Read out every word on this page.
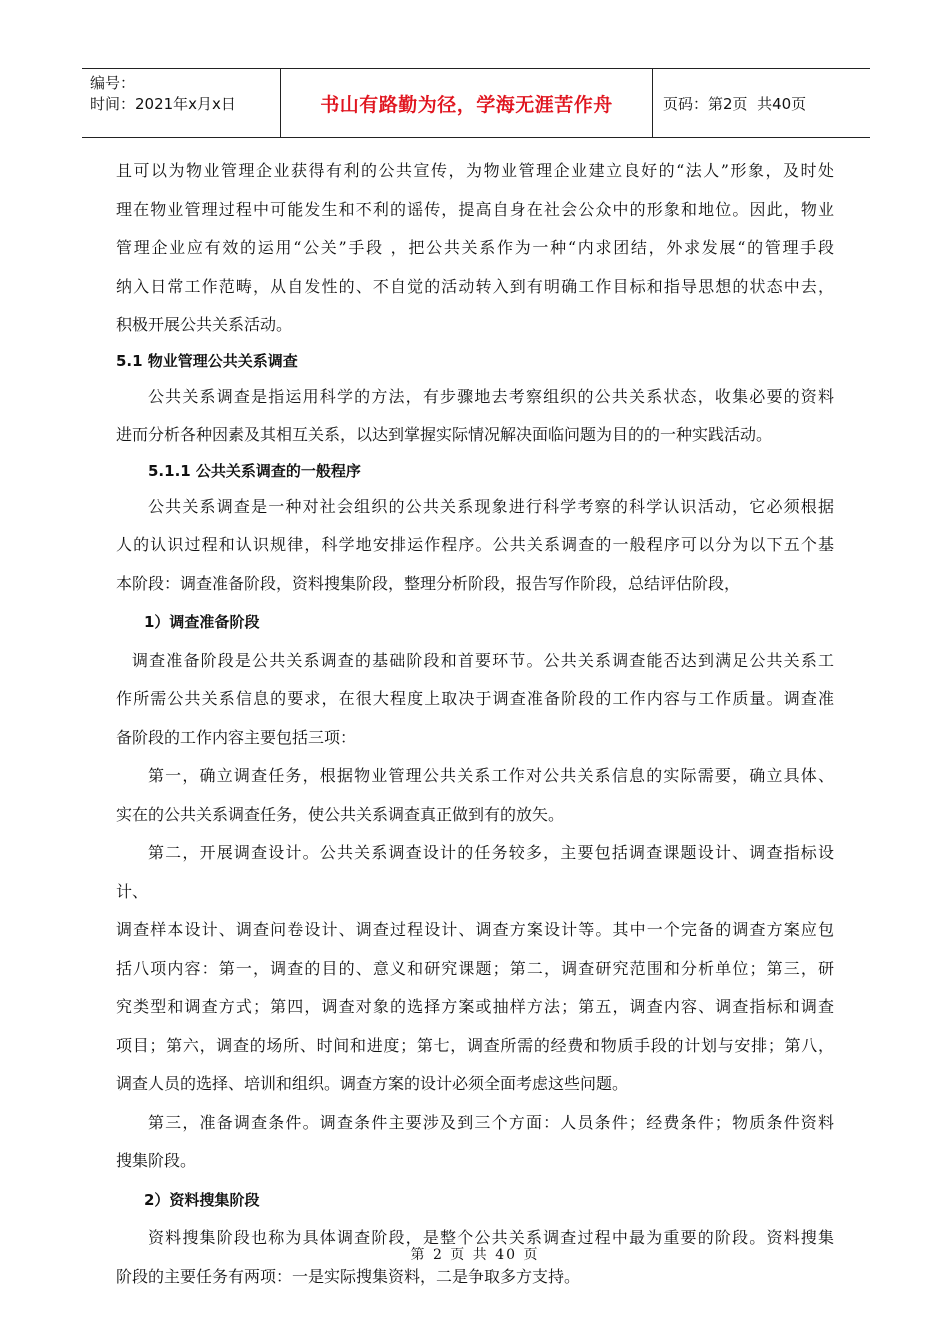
编号：
时间：2021年x月x日	书山有路勤为径，学海无涯苦作舟	页码：第2页  共40页
且可以为物业管理企业获得有利的公共宣传，为物业管理企业建立良好的“法人”形象，及时处
理在物业管理过程中可能发生和不利的谣传，提高自身在社会公众中的形象和地位。因此，物业
管理企业应有效的运用“公关”手段 ，把公共关系作为一种“内求团结，外求发展“的管理手段
纳入日常工作范畴，从自发性的、不自觉的活动转入到有明确工作目标和指导思想的状态中去，
积极开展公共关系活动。
5.1 物业管理公共关系调查
公共关系调查是指运用科学的方法，有步骤地去考察组织的公共关系状态，收集必要的资料
进而分析各种因素及其相互关系，以达到掌握实际情况解决面临问题为目的的一种实践活动。
5.1.1 公共关系调查的一般程序
公共关系调查是一种对社会组织的公共关系现象进行科学考察的科学认识活动，它必须根据
人的认识过程和认识规律，科学地安排运作程序。公共关系调查的一般程序可以分为以下五个基
本阶段：调查准备阶段，资料搜集阶段，整理分析阶段，报告写作阶段，总结评估阶段，
1）调查准备阶段
调查准备阶段是公共关系调查的基础阶段和首要环节。公共关系调查能否达到满足公共关系工
作所需公共关系信息的要求，在很大程度上取决于调查准备阶段的工作内容与工作质量。调查准
备阶段的工作内容主要包括三项：
第一，确立调查任务，根据物业管理公共关系工作对公共关系信息的实际需要，确立具体、
实在的公共关系调查任务，使公共关系调查真正做到有的放矢。
第二，开展调查设计。公共关系调查设计的任务较多，主要包括调查课题设计、调查指标设
计、
调查样本设计、调查问卷设计、调查过程设计、调查方案设计等。其中一个完备的调查方案应包
括八项内容：第一，调查的目的、意义和研究课题；第二，调查研究范围和分析单位；第三，研
究类型和调查方式；第四，调查对象的选择方案或抽样方法；第五，调查内容、调查指标和调查
项目；第六，调查的场所、时间和进度；第七，调查所需的经费和物质手段的计划与安排；第八，
调查人员的选择、培训和组织。调查方案的设计必须全面考虑这些问题。
第三，准备调查条件。调查条件主要涉及到三个方面：人员条件；经费条件；物质条件资料
搜集阶段。
2）资料搜集阶段
资料搜集阶段也称为具体调查阶段，是整个公共关系调查过程中最为重要的阶段。资料搜集
阶段的主要任务有两项：一是实际搜集资料，二是争取多方支持。
第 2 页 共 40 页
